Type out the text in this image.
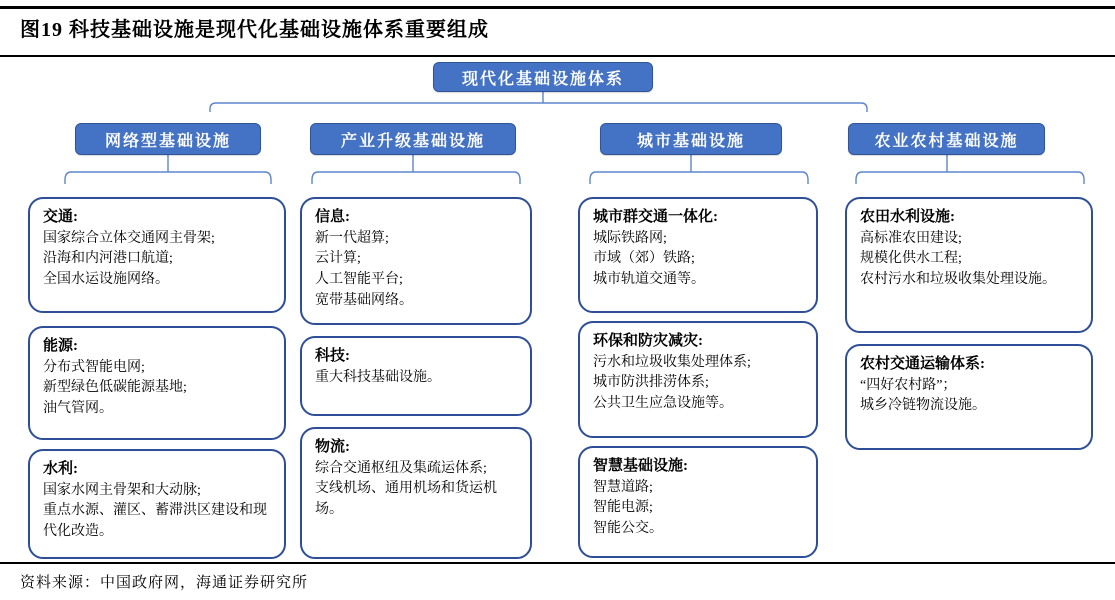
图19 科技基础设施是现代化基础设施体系重要组成
现代化基础设施体系
网络型基础设施	产业升级基础设施	城市基础设施	农业农村基础设施
交通:
国家综合立体交通网主骨架;
沿海和内河港口航道;
全国水运设施网络。
能源:
分布式智能电网;
新型绿色低碳能源基地;
油气管网。
水利:
国家水网主骨架和大动脉;
重点水源、灌区、蓄滞洪区建设和现代化改造。
信息:
新一代超算;
云计算;
人工智能平台;
宽带基础网络。
科技:
重大科技基础设施。
物流:
综合交通枢纽及集疏运体系;
支线机场、通用机场和货运机场。
城市群交通一体化:
城际铁路网;
市域（郊）铁路;
城市轨道交通等。
环保和防灾减灾:
污水和垃圾收集处理体系;
城市防洪排涝体系;
公共卫生应急设施等。
智慧基础设施:
智慧道路;
智能电源;
智能公交。
农田水利设施:
高标准农田建设;
规模化供水工程;
农村污水和垃圾收集处理设施。
农村交通运输体系:
“四好农村路”；
城乡冷链物流设施。
资料来源：中国政府网，海通证券研究所
